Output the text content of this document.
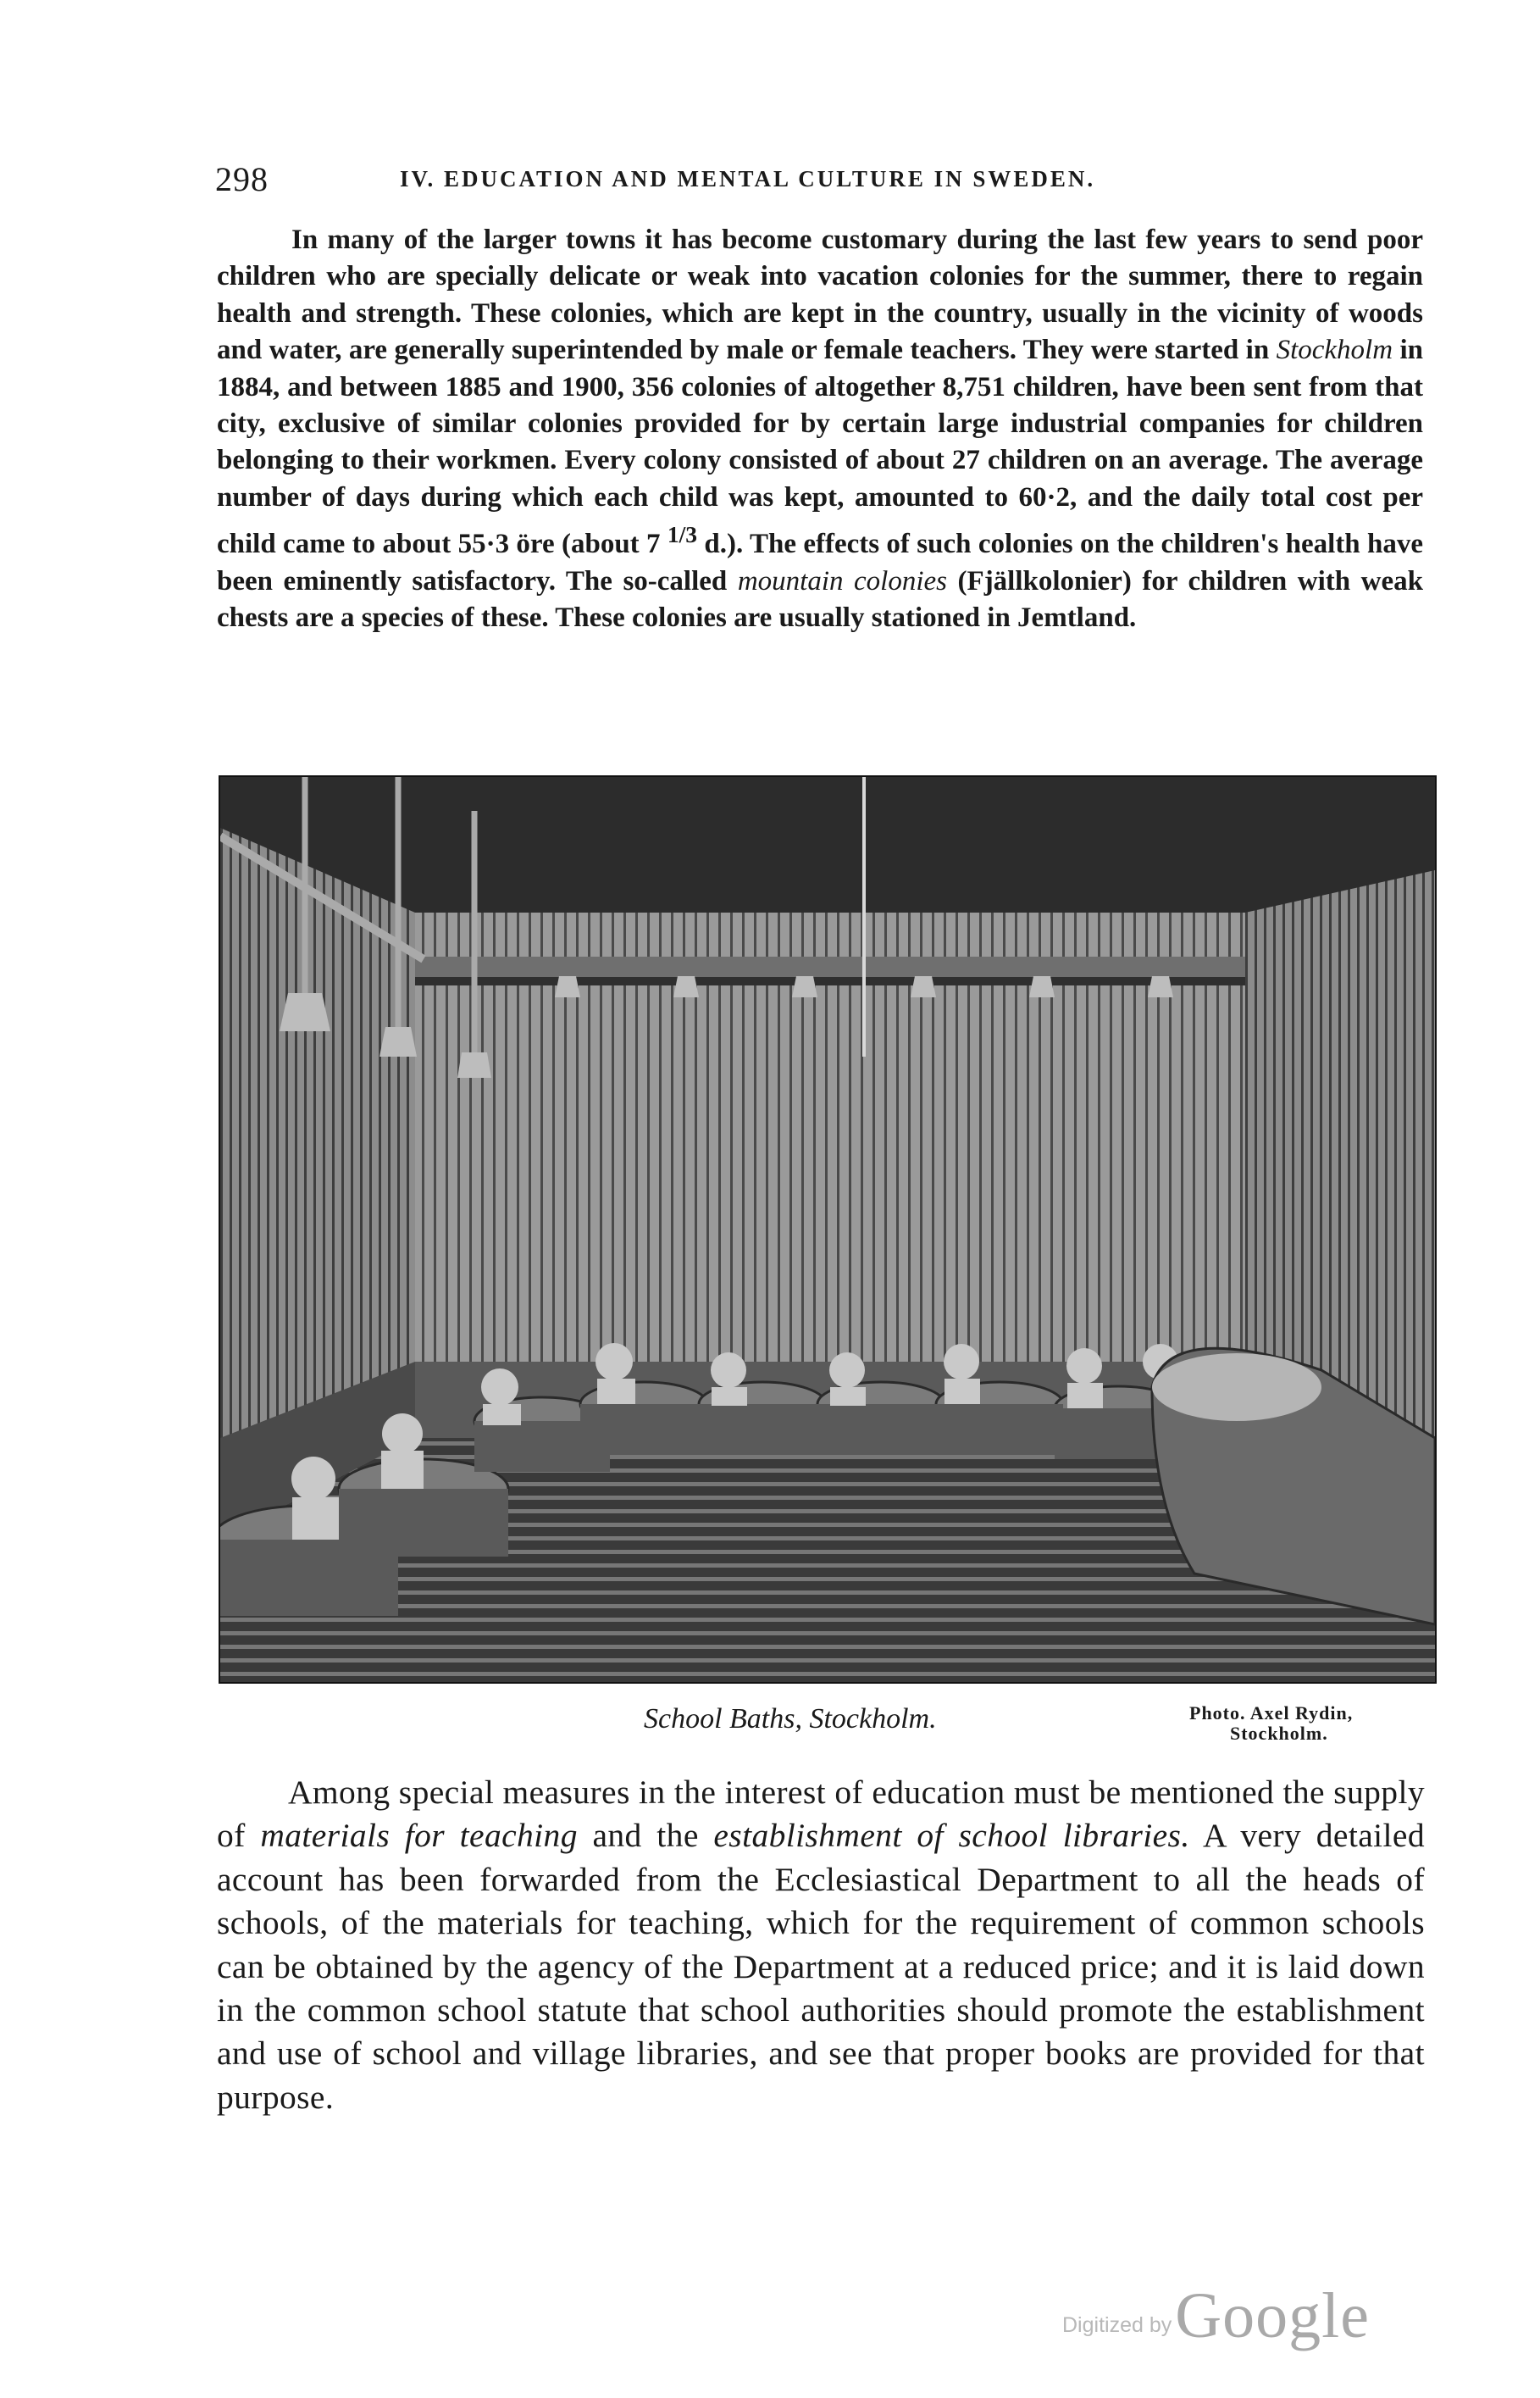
298	IV. EDUCATION AND MENTAL CULTURE IN SWEDEN.

In many of the larger towns it has become customary during the last few years to send poor children who are specially delicate or weak into vacation colonies for the summer, there to regain health and strength. These colonies, which are kept in the country, usually in the vicinity of woods and water, are generally superintended by male or female teachers. They were started in Stockholm in 1884, and between 1885 and 1900, 356 colonies of altogether 8,751 children, have been sent from that city, exclusive of similar colonies provided for by certain large industrial companies for children belonging to their workmen. Every colony consisted of about 27 children on an average. The average number of days during which each child was kept, amounted to 60·2, and the daily total cost per child came to about 55·3 öre (about 7 $^{1/3}$ d.). The effects of such colonies on the children's health have been eminently satisfactory. The so-called mountain colonies (Fjällkolonier) for children with weak chests are a species of these. These colonies are usually stationed in Jemtland.

School Baths, Stockholm.	Photo. Axel Rydin,
Stockholm.

Among special measures in the interest of education must be mentioned the supply of materials for teaching and the establishment of school libraries. A very detailed account has been forwarded from the Ecclesiastical Department to all the heads of schools, of the materials for teaching, which for the requirement of common schools can be obtained by the agency of the Department at a reduced price; and it is laid down in the common school statute that school authorities should promote the establishment and use of school and village libraries, and see that proper books are provided for that purpose.

Digitized by Google
